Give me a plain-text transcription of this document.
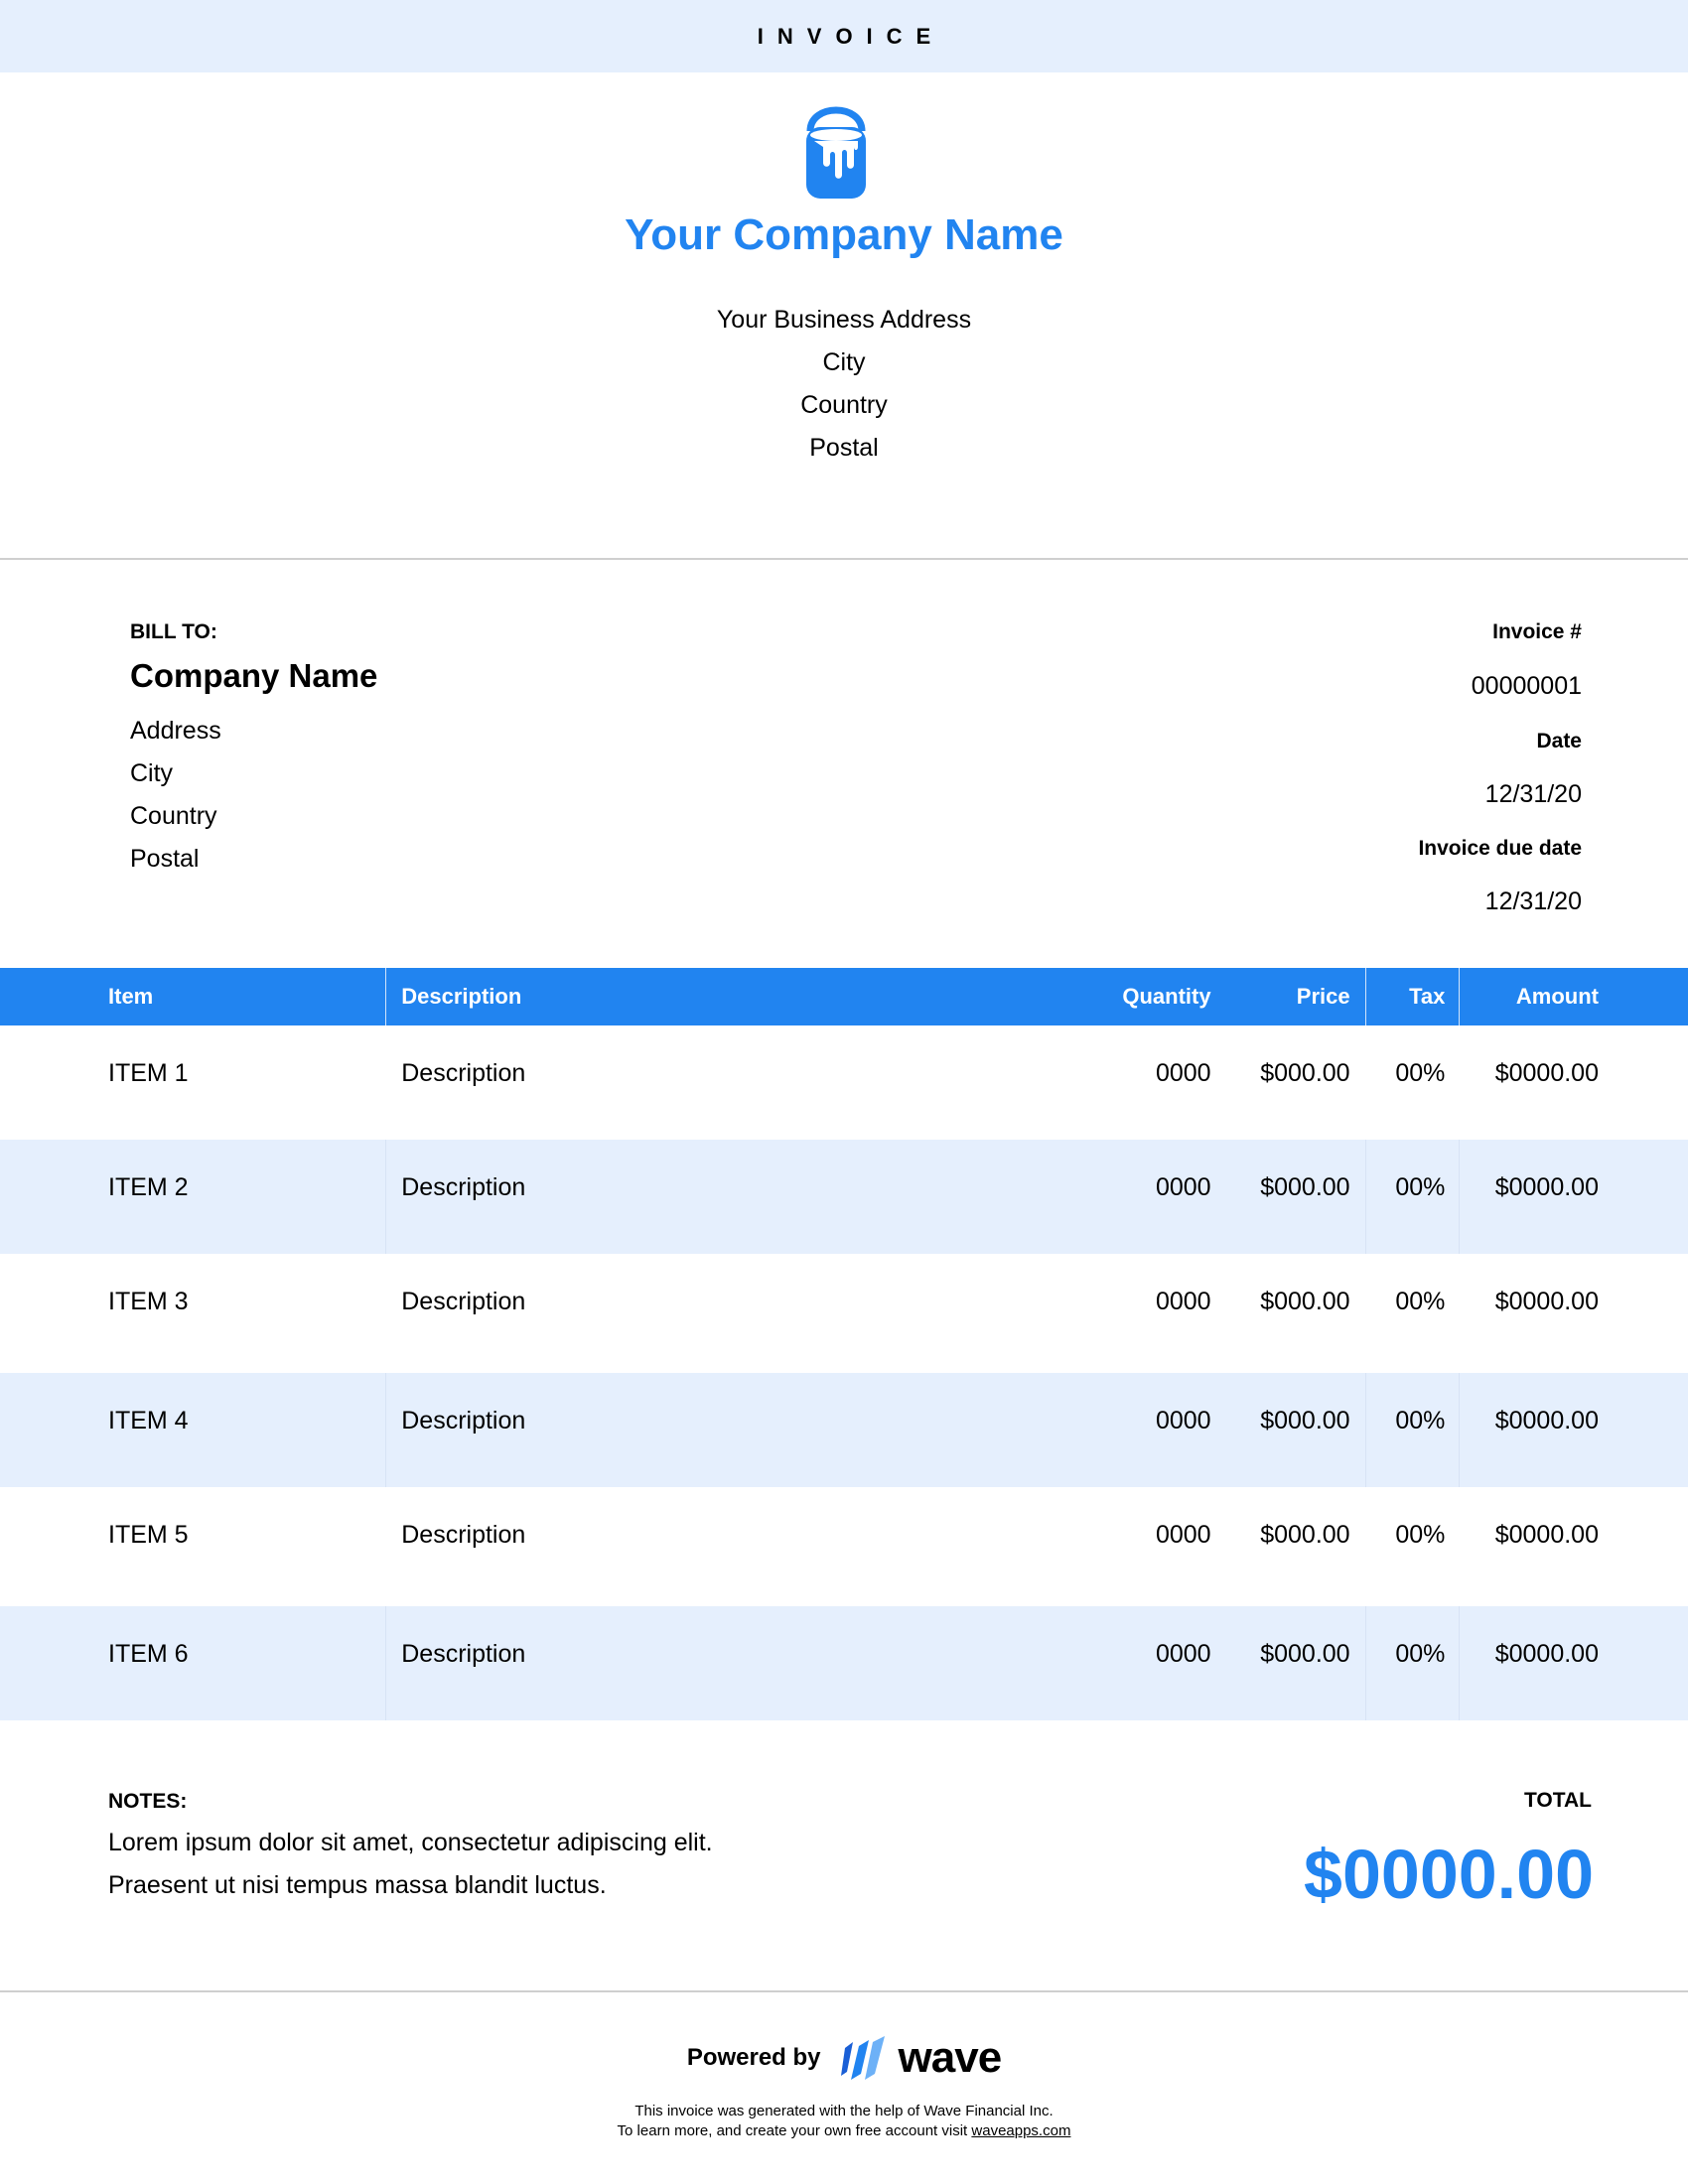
INVOICE
Your Company Name
Your Business Address
City
Country
Postal
BILL TO:
Company Name
Address
City
Country
Postal
Invoice #
00000001
Date
12/31/20
Invoice due date
12/31/20
Item	Description	Quantity	Price	Tax	Amount
ITEM 1	Description	0000	$000.00	00%	$0000.00
ITEM 2	Description	0000	$000.00	00%	$0000.00
ITEM 3	Description	0000	$000.00	00%	$0000.00
ITEM 4	Description	0000	$000.00	00%	$0000.00
ITEM 5	Description	0000	$000.00	00%	$0000.00
ITEM 6	Description	0000	$000.00	00%	$0000.00
NOTES:
Lorem ipsum dolor sit amet, consectetur adipiscing elit.
Praesent ut nisi tempus massa blandit luctus.
TOTAL
$0000.00
Powered by wave
This invoice was generated with the help of Wave Financial Inc.
To learn more, and create your own free account visit waveapps.com
